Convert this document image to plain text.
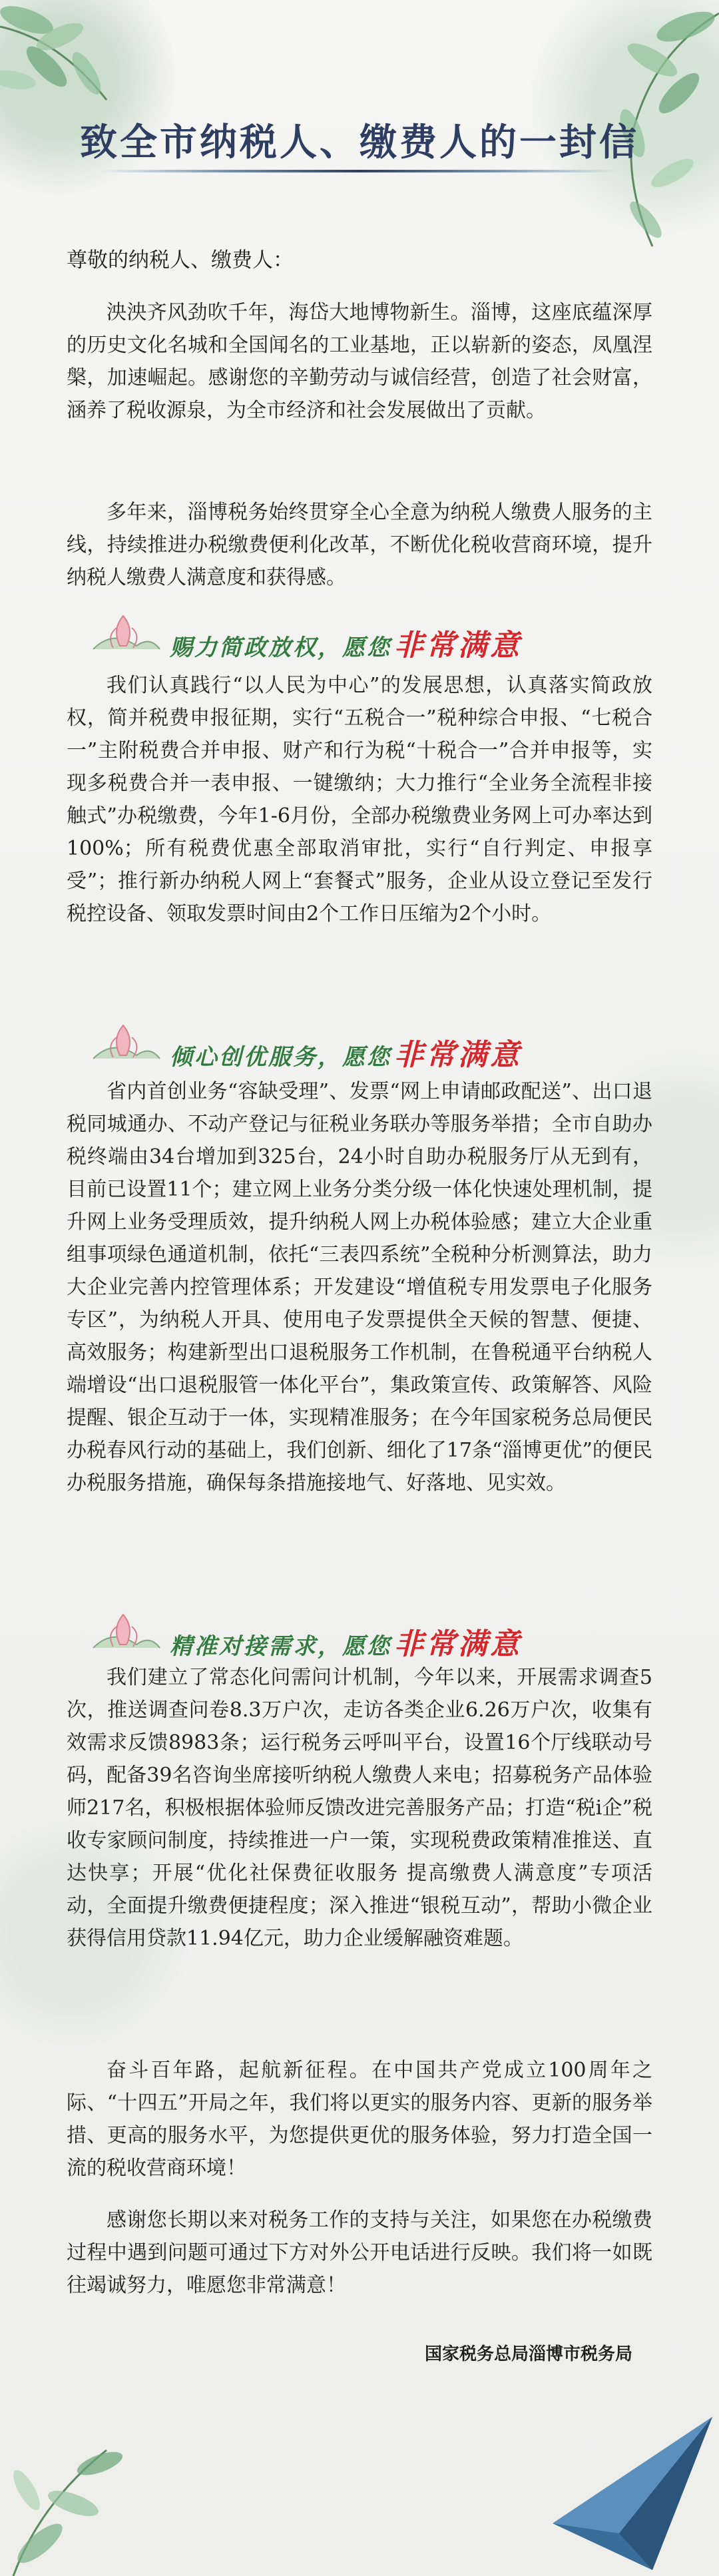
致全市纳税人、缴费人的一封信
尊敬的纳税人、缴费人：

泱泱齐风劲吹千年，海岱大地博物新生。淄博，这座底蕴深厚的历史文化名城和全国闻名的工业基地，正以崭新的姿态，凤凰涅槃，加速崛起。感谢您的辛勤劳动与诚信经营，创造了社会财富，涵养了税收源泉，为全市经济和社会发展做出了贡献。

多年来，淄博税务始终贯穿全心全意为纳税人缴费人服务的主线，持续推进办税缴费便利化改革，不断优化税收营商环境，提升纳税人缴费人满意度和获得感。

赐力简政放权，愿您非常满意

我们认真践行“以人民为中心”的发展思想，认真落实简政放权，简并税费申报征期，实行“五税合一”税种综合申报、“七税合一”主附税费合并申报、财产和行为税“十税合一”合并申报等，实现多税费合并一表申报、一键缴纳；大力推行“全业务全流程非接触式”办税缴费，今年1-6月份，全部办税缴费业务网上可办率达到100%；所有税费优惠全部取消审批，实行“自行判定、申报享受”；推行新办纳税人网上“套餐式”服务，企业从设立登记至发行税控设备、领取发票时间由2个工作日压缩为2个小时。

倾心创优服务，愿您非常满意

省内首创业务“容缺受理”、发票“网上申请邮政配送”、出口退税同城通办、不动产登记与征税业务联办等服务举措；全市自助办税终端由34台增加到325台，24小时自助办税服务厅从无到有，目前已设置11个；建立网上业务分类分级一体化快速处理机制，提升网上业务受理质效，提升纳税人网上办税体验感；建立大企业重组事项绿色通道机制，依托“三表四系统”全税种分析测算法，助力大企业完善内控管理体系；开发建设“增值税专用发票电子化服务专区”，为纳税人开具、使用电子发票提供全天候的智慧、便捷、高效服务；构建新型出口退税服务工作机制，在鲁税通平台纳税人端增设“出口退税服管一体化平台”，集政策宣传、政策解答、风险提醒、银企互动于一体，实现精准服务；在今年国家税务总局便民办税春风行动的基础上，我们创新、细化了17条“淄博更优”的便民办税服务措施，确保每条措施接地气、好落地、见实效。

精准对接需求，愿您非常满意

我们建立了常态化问需问计机制，今年以来，开展需求调查5次，推送调查问卷8.3万户次，走访各类企业6.26万户次，收集有效需求反馈8983条；运行税务云呼叫平台，设置16个厅线联动号码，配备39名咨询坐席接听纳税人缴费人来电；招募税务产品体验师217名，积极根据体验师反馈改进完善服务产品；打造“税i企”税收专家顾问制度，持续推进一户一策，实现税费政策精准推送、直达快享；开展“优化社保费征收服务 提高缴费人满意度”专项活动，全面提升缴费便捷程度；深入推进“银税互动”，帮助小微企业获得信用贷款11.94亿元，助力企业缓解融资难题。

奋斗百年路，起航新征程。在中国共产党成立100周年之际、“十四五”开局之年，我们将以更实的服务内容、更新的服务举措、更高的服务水平，为您提供更优的服务体验，努力打造全国一流的税收营商环境！

感谢您长期以来对税务工作的支持与关注，如果您在办税缴费过程中遇到问题可通过下方对外公开电话进行反映。我们将一如既往竭诚努力，唯愿您非常满意！

国家税务总局淄博市税务局
